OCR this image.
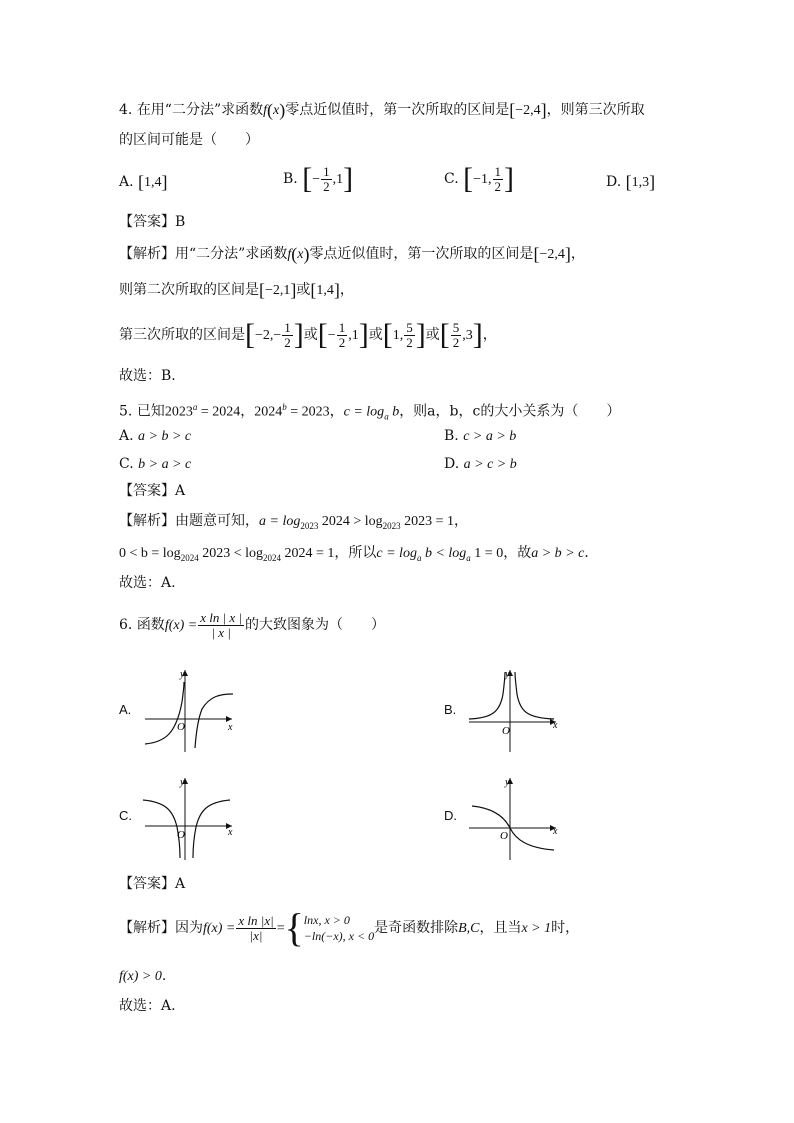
4. 在用“二分法”求函数f(x)零点近似值时，第一次所取的区间是[−2,4]，则第三次所取
的区间可能是（　　）
A. [1,4]	B. [− $\frac{1}{2} ,1$]	C. [−1, $\frac{1}{2}$ ]	D. [1,3]
【答案】B
【解析】用“二分法”求函数f(x)零点近似值时，第一次所取的区间是[−2,4]，
则第二次所取的区间是[−2,1]或[1,4]，
第三次所取的区间是[$-2,- \frac{1}{2}$ ]或[− $\frac{1}{2} ,1$]或[1, $\frac{5}{2}$ ]或[ $\frac{5}{2} ,3$]，
故选：B.
5. 已知$2023^a = 2024$，$2024^b = 2023$，$c = \log_a b$，则a，b，c的大小关系为（　　）
A. a > b > c	B. c > a > b
C. b > a > c	D. a > c > b
【答案】A
【解析】由题意可知，$a = \log_{2023} 2024 > \log_{2023} 2023 = 1$，
$0 < b = \log_{2024} 2023 < \log_{2024} 2024 = 1$，所以$c = \log_a b < \log_a 1 = 0$，故a > b > c．
故选：A.
6. 函数$f(x) = \frac{\text{x ln | x |}}{| x |}$ 的大致图象为（　　）
A.
O	x
y
B.
O	x
y
C.
O	x
y
D.
O	x
y
【答案】A
【解析】因为$f(x) = \frac{\text{x ln |x|}}{|x|}$ ={ lnx, x > 0
−ln(−x), x < 0 是奇函数排除B,C，且当x > 1时，
f(x) > 0.
故选：A.
